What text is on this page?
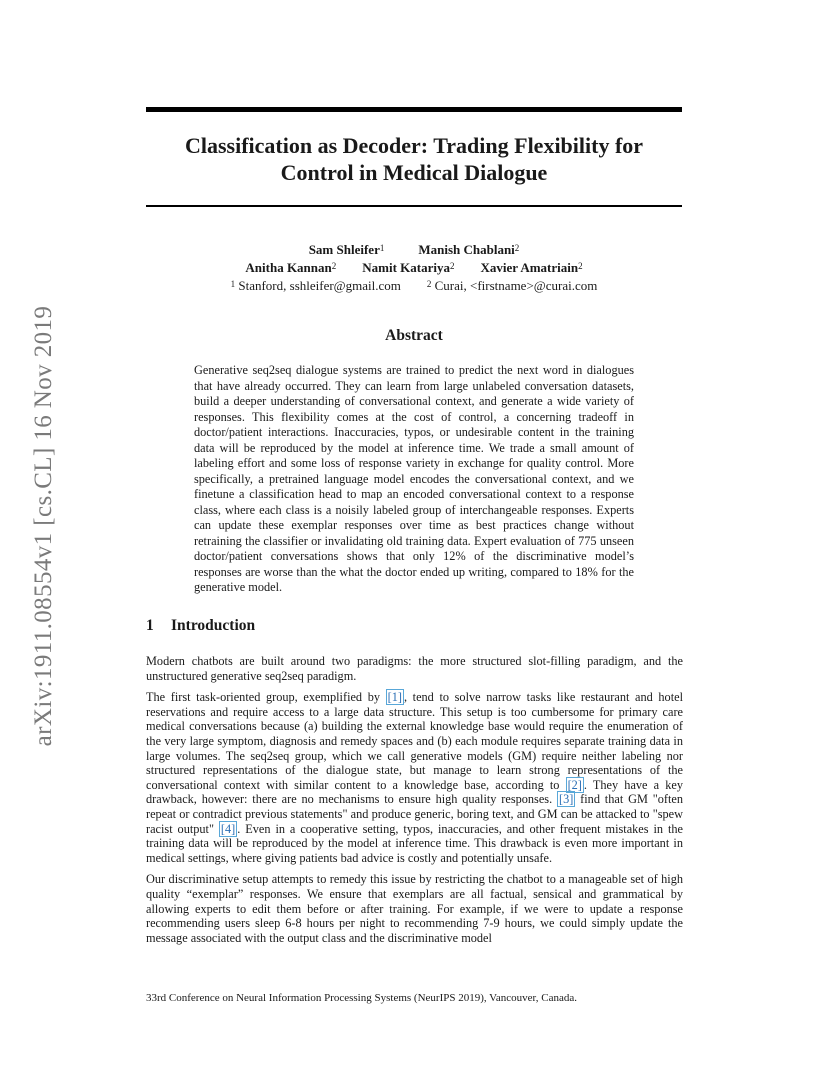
arXiv:1911.08554v1 [cs.CL] 16 Nov 2019
Classification as Decoder: Trading Flexibility for
Control in Medical Dialogue
Sam Shleifer$^1$	Manish Chablani$^2$
Anitha Kannan$^2$ Namit Katariya$^2$ Xavier Amatriain$^2$
$^1$ Stanford, sshleifer@gmail.com	$^2$ Curai, <firstname>@curai.com
Abstract
Generative seq2seq dialogue systems are trained to predict the next word in dialogues that have already occurred. They can learn from large unlabeled conversation datasets, build a deeper understanding of conversational context, and generate a wide variety of responses. This flexibility comes at the cost of control, a concerning tradeoff in doctor/patient interactions. Inaccuracies, typos, or undesirable content in the training data will be reproduced by the model at inference time. We trade a small amount of labeling effort and some loss of response variety in exchange for quality control. More specifically, a pretrained language model encodes the conversational context, and we finetune a classification head to map an encoded conversational context to a response class, where each class is a noisily labeled group of interchangeable responses. Experts can update these exemplar responses over time as best practices change without retraining the classifier or invalidating old training data. Expert evaluation of 775 unseen doctor/patient conversations shows that only 12% of the discriminative model’s responses are worse than the what the doctor ended up writing, compared to 18% for the generative model.
1 Introduction

Modern chatbots are built around two paradigms: the more structured slot-filling paradigm, and the unstructured generative seq2seq paradigm.

The first task-oriented group, exemplified by [1] , tend to solve narrow tasks like restaurant and hotel reservations and require access to a large data structure. This setup is too cumbersome for primary care medical conversations because (a) building the external knowledge base would require the enumeration of the very large symptom, diagnosis and remedy spaces and (b) each module requires separate training data in large volumes. The seq2seq group, which we call generative models (GM) require neither labeling nor structured representations of the dialogue state, but manage to learn strong representations of the conversational context with similar content to a knowledge base, according to [2] . They have a key drawback, however: there are no mechanisms to ensure high quality responses. [3] find that GM "often repeat or contradict previous statements" and produce generic, boring text, and GM can be attacked to "spew racist output" [4] . Even in a cooperative setting, typos, inaccuracies, and other frequent mistakes in the training data will be reproduced by the model at inference time. This drawback is even more important in medical settings, where giving patients bad advice is costly and potentially unsafe.

Our discriminative setup attempts to remedy this issue by restricting the chatbot to a manageable set of high quality “exemplar” responses. We ensure that exemplars are all factual, sensical and grammatical by allowing experts to edit them before or after training. For example, if we were to update a response recommending users sleep 6-8 hours per night to recommending 7-9 hours, we could simply update the message associated with the output class and the discriminative model

33rd Conference on Neural Information Processing Systems (NeurIPS 2019), Vancouver, Canada.
